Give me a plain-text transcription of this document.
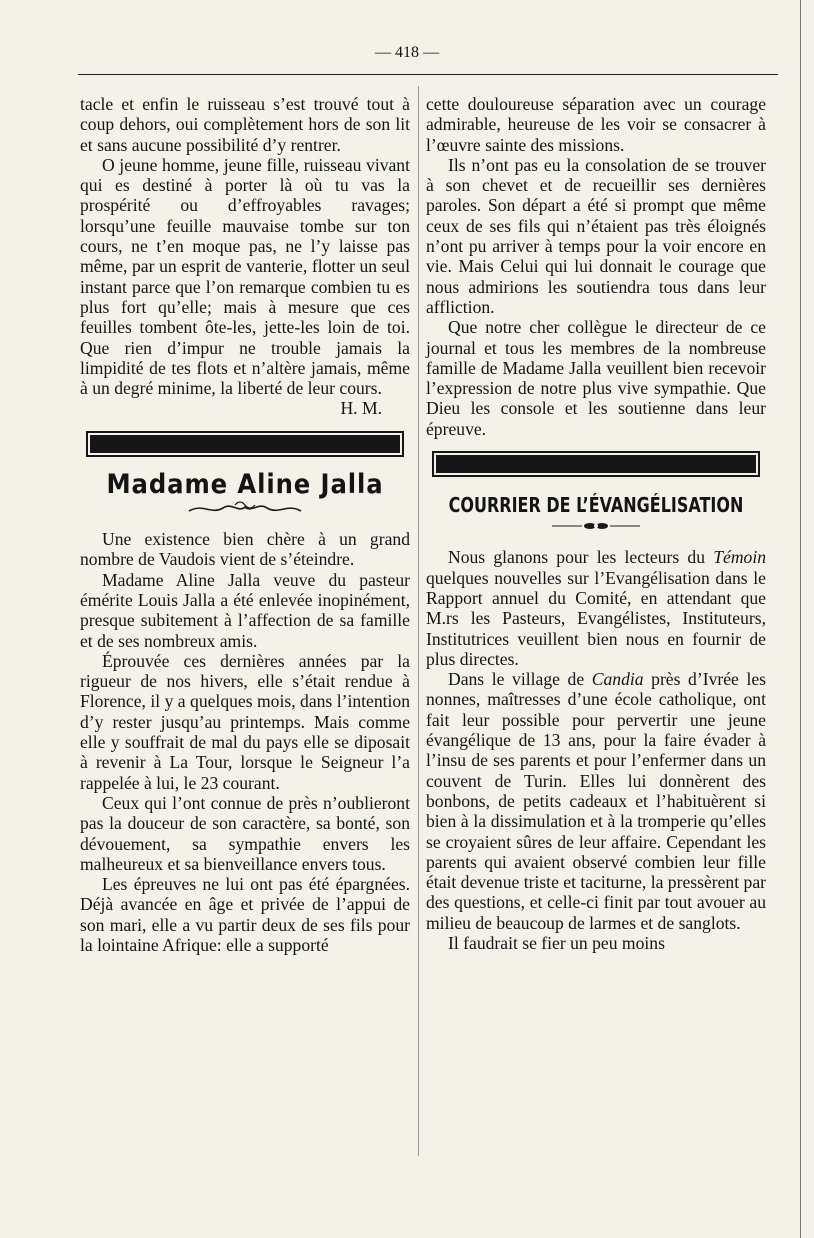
— 418 —

tacle et enfin le ruisseau s’est trouvé tout à coup dehors, oui complètement hors de son lit et sans aucune possibilité d’y rentrer.

O jeune homme, jeune fille, ruisseau vivant qui es destiné à porter là où tu vas la prospérité ou d’effroyables ravages; lorsqu’une feuille mauvaise tombe sur ton cours, ne t’en moque pas, ne l’y laisse pas même, par un esprit de vanterie, flotter un seul instant parce que l’on remarque combien tu es plus fort qu’elle; mais à mesure que ces feuilles tombent ôte-les, jette-les loin de toi. Que rien d’impur ne trouble jamais la limpidité de tes flots et n’altère jamais, même à un degré minime, la liberté de leur cours.

H. M.

Madame Aline Jalla

Une existence bien chère à un grand nombre de Vaudois vient de s’éteindre.

Madame Aline Jalla veuve du pasteur émérite Louis Jalla a été enlevée inopinément, presque subitement à l’affection de sa famille et de ses nombreux amis.

Éprouvée ces dernières années par la rigueur de nos hivers, elle s’était rendue à Florence, il y a quelques mois, dans l’intention d’y rester jusqu’au printemps. Mais comme elle y souffrait de mal du pays elle se diposait à revenir à La Tour, lorsque le Seigneur l’a rappelée à lui, le 23 courant.

Ceux qui l’ont connue de près n’oublieront pas la douceur de son caractère, sa bonté, son dévouement, sa sympathie envers les malheureux et sa bienveillance envers tous.

Les épreuves ne lui ont pas été épargnées. Déjà avancée en âge et privée de l’appui de son mari, elle a vu partir deux de ses fils pour la lointaine Afrique: elle a supporté

cette douloureuse séparation avec un courage admirable, heureuse de les voir se consacrer à l’œuvre sainte des missions.

Ils n’ont pas eu la consolation de se trouver à son chevet et de recueillir ses dernières paroles. Son départ a été si prompt que même ceux de ses fils qui n’étaient pas très éloignés n’ont pu arriver à temps pour la voir encore en vie. Mais Celui qui lui donnait le courage que nous admirions les soutiendra tous dans leur affliction.

Que notre cher collègue le directeur de ce journal et tous les membres de la nombreuse famille de Madame Jalla veuillent bien recevoir l’expression de notre plus vive sympathie. Que Dieu les console et les soutienne dans leur épreuve.

COURRIER DE L’ÉVANGÉLISATION

Nous glanons pour les lecteurs du Témoin quelques nouvelles sur l’Evangélisation dans le Rapport annuel du Comité, en attendant que M.rs les Pasteurs, Evangélistes, Instituteurs, Institutrices veuillent bien nous en fournir de plus directes.

Dans le village de Candia près d’Ivrée les nonnes, maîtresses d’une école catholique, ont fait leur possible pour pervertir une jeune évangélique de 13 ans, pour la faire évader à l’insu de ses parents et pour l’enfermer dans un couvent de Turin. Elles lui donnèrent des bonbons, de petits cadeaux et l’habituèrent si bien à la dissimulation et à la tromperie qu’elles se croyaient sûres de leur affaire. Cependant les parents qui avaient observé combien leur fille était devenue triste et taciturne, la pressèrent par des questions, et celle-ci finit par tout avouer au milieu de beaucoup de larmes et de sanglots.

Il faudrait se fier un peu moins
